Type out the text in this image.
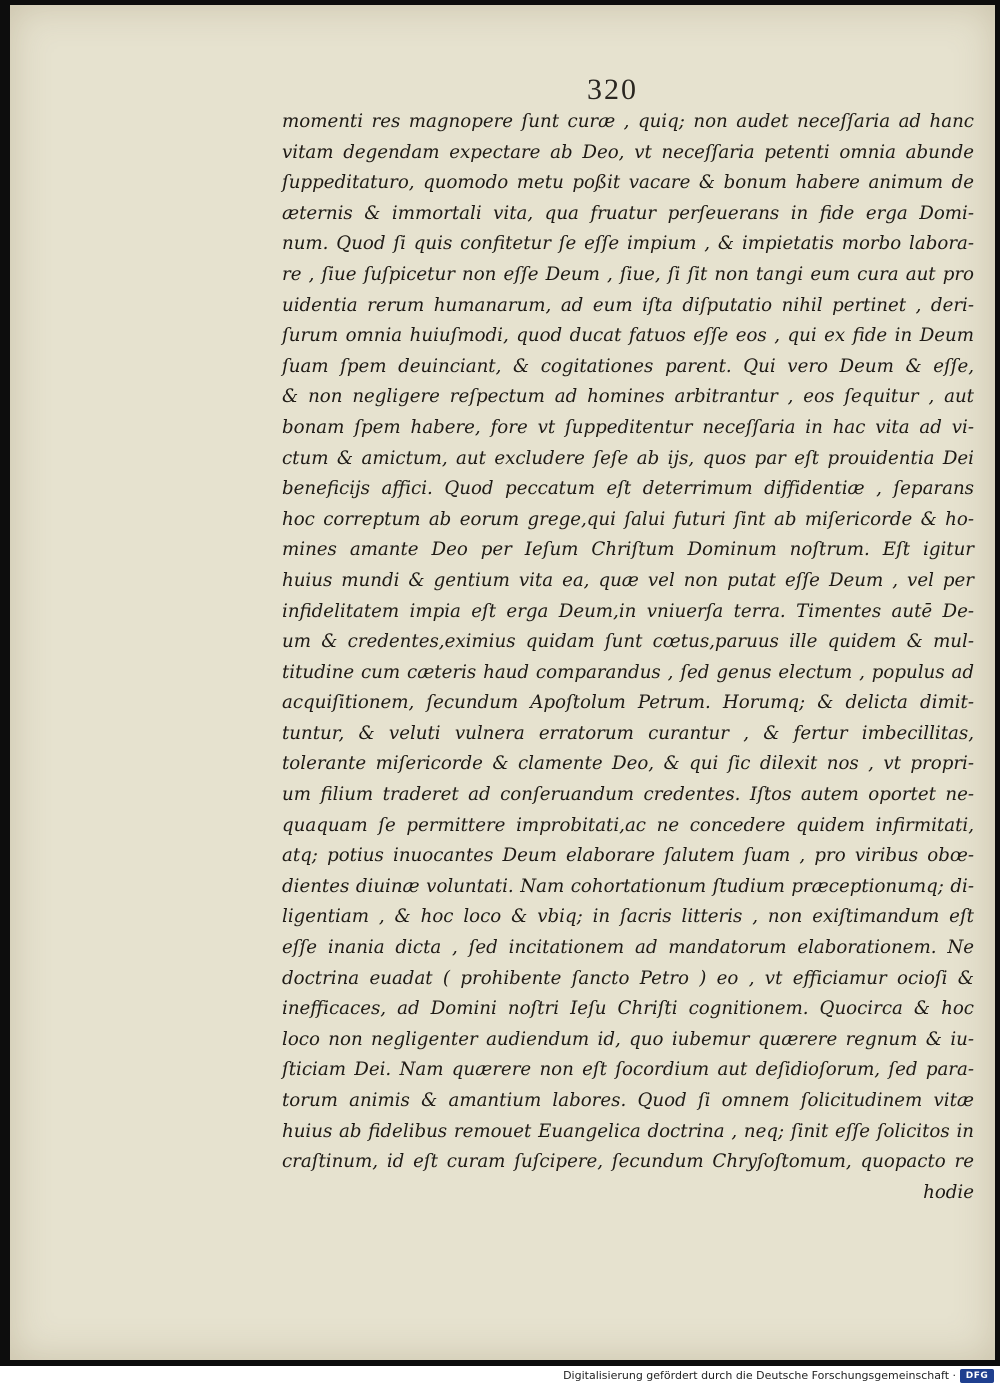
320
momenti res magnopere ſunt curæ , quiq; non audet neceſſaria ad hanc
vitam degendam expectare ab Deo, vt neceſſaria petenti omnia abunde
ſuppeditaturo, quomodo metu poßit vacare & bonum habere animum de
æternis & immortali vita, qua fruatur perſeuerans in fide erga Domi-
num. Quod ſi quis confitetur ſe eſſe impium , & impietatis morbo labora-
re , ſiue ſuſpicetur non eſſe Deum , ſiue, ſi ſit non tangi eum cura aut pro
uidentia rerum humanarum, ad eum iſta diſputatio nihil pertinet , deri-
ſurum omnia huiuſmodi, quod ducat fatuos eſſe eos , qui ex fide in Deum
ſuam ſpem deuinciant, & cogitationes parent. Qui vero Deum & eſſe,
& non negligere reſpectum ad homines arbitrantur , eos ſequitur , aut
bonam ſpem habere, fore vt ſuppeditentur neceſſaria in hac vita ad vi-
ctum & amictum, aut excludere ſeſe ab ijs, quos par eſt prouidentia Dei
beneficijs affici. Quod peccatum eſt deterrimum diffidentiæ , ſeparans
hoc correptum ab eorum grege,qui ſalui futuri ſint ab miſericorde & ho-
mines amante Deo per Ieſum Chriſtum Dominum noſtrum. Eſt igitur
huius mundi & gentium vita ea, quæ vel non putat eſſe Deum , vel per
infidelitatem impia eſt erga Deum,in vniuerſa terra. Timentes autē De-
um & credentes,eximius quidam ſunt cœtus,paruus ille quidem & mul-
titudine cum cæteris haud comparandus , ſed genus electum , populus ad
acquiſitionem, ſecundum Apoſtolum Petrum. Horumq; & delicta dimit-
tuntur, & veluti vulnera erratorum curantur , & fertur imbecillitas,
tolerante miſericorde & clamente Deo, & qui ſic dilexit nos , vt propri-
um filium traderet ad conſeruandum credentes. Iſtos autem oportet ne-
quaquam ſe permittere improbitati,ac ne concedere quidem infirmitati,
atq; potius inuocantes Deum elaborare ſalutem ſuam , pro viribus obœ-
dientes diuinæ voluntati. Nam cohortationum ſtudium præceptionumq; di-
ligentiam , & hoc loco & vbiq; in ſacris litteris , non exiſtimandum eſt
eſſe inania dicta , ſed incitationem ad mandatorum elaborationem. Ne
doctrina euadat ( prohibente ſancto Petro ) eo , vt efficiamur ocioſi &
inefficaces, ad Domini noſtri Ieſu Chriſti cognitionem. Quocirca & hoc
loco non negligenter audiendum id, quo iubemur quærere regnum & iu-
ſticiam Dei. Nam quærere non eſt ſocordium aut deſidioſorum, ſed para-
torum animis & amantium labores. Quod ſi omnem ſolicitudinem vitæ
huius ab fidelibus remouet Euangelica doctrina , neq; ſinit eſſe ſolicitos in
craſtinum, id eſt curam ſuſcipere, ſecundum Chryſoſtomum, quopacto re
hodie
Digitalisierung gefördert durch die Deutsche Forschungsgemeinschaft ·	DFG
